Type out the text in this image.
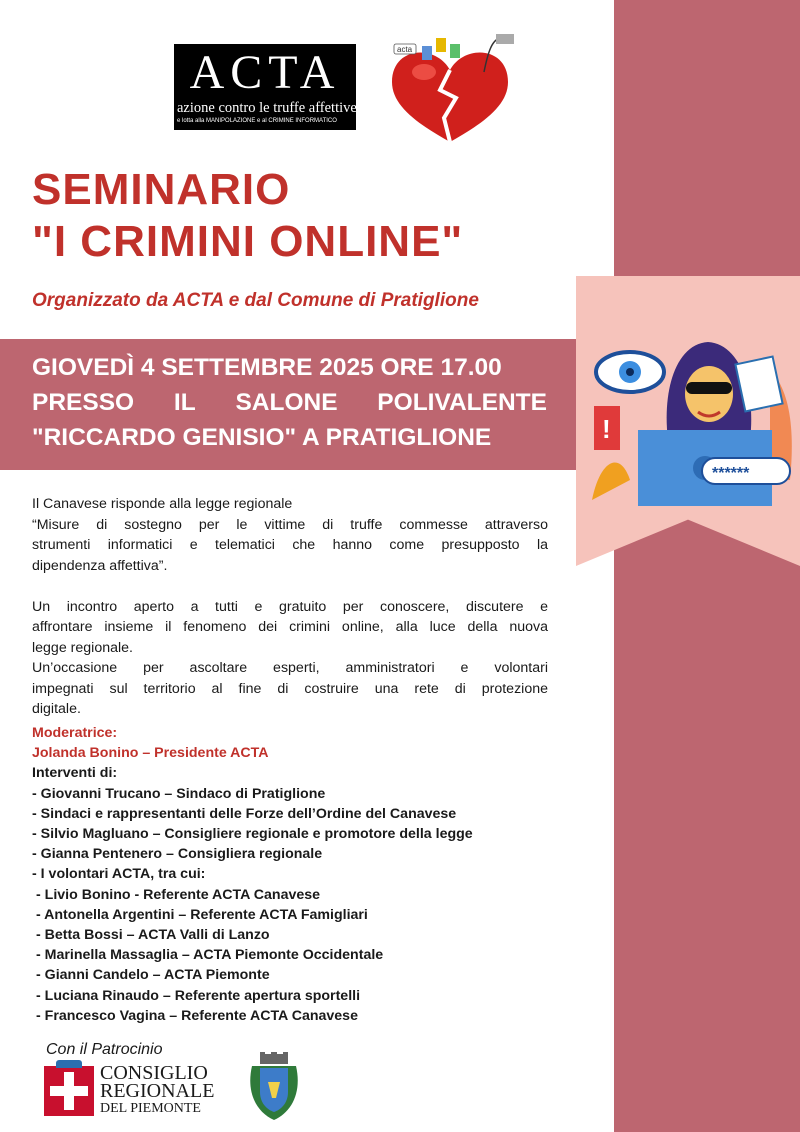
ACTA
azione contro le truffe affettive
e lotta alla MANIPOLAZIONE e al CRIMINE INFORMATICO
acta
SEMINARIO
"I CRIMINI ONLINE"
Organizzato da ACTA e dal Comune di Pratiglione
GIOVEDÌ 4 SETTEMBRE 2025 ORE 17.00
PRESSO IL SALONE POLIVALENTE
"RICCARDO GENISIO" A PRATIGLIONE	!
******

Il Canavese risponde alla legge regionale

“Misure di sostegno per le vittime di truffe commesse attraverso

strumenti informatici e telematici che hanno come presupposto la

dipendenza affettiva”.

Un incontro aperto a tutti e gratuito per conoscere, discutere e

affrontare insieme il fenomeno dei crimini online, alla luce della nuova

legge regionale.

Un’occasione per ascoltare esperti, amministratori e volontari

impegnati sul territorio al fine di costruire una rete di protezione

digitale.

Moderatrice:
Jolanda Bonino – Presidente ACTA
Interventi di:
- Giovanni Trucano – Sindaco di Pratiglione
- Sindaci e rappresentanti delle Forze dell’Ordine del Canavese
- Silvio Magluano – Consigliere regionale e promotore della legge
- Gianna Pentenero – Consigliera regionale
- I volontari ACTA, tra cui:
- Livio Bonino - Referente ACTA Canavese
- Antonella Argentini – Referente ACTA Famigliari
- Betta Bossi – ACTA Valli di Lanzo
- Marinella Massaglia – ACTA Piemonte Occidentale
- Gianni Candelo – ACTA Piemonte
- Luciana Rinaudo – Referente apertura sportelli
- Francesco Vagina – Referente ACTA Canavese
Con il Patrocinio
CONSIGLIO
REGIONALE
DEL PIEMONTE
